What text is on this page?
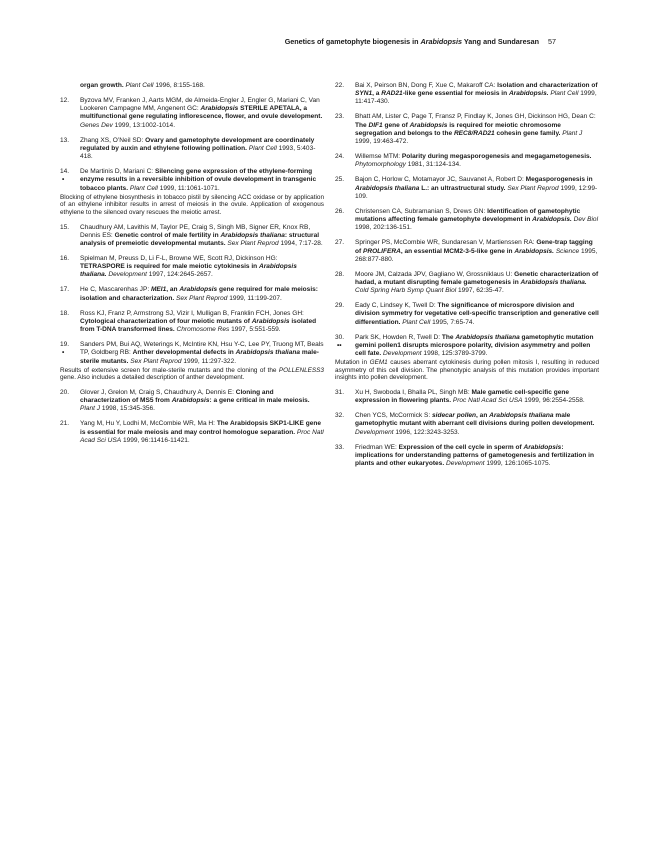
Genetics of gametophyte biogenesis in Arabidopsis Yang and Sundaresan 57
organ growth. Plant Cell 1996, 8:155-168.
12.	Byzova MV, Franken J, Aarts MGM, de Almeida-Engler J, Engler G, Mariani C, Van Lookeren Campagne MM, Angenent GC: Arabidopsis STERILE APETALA, a multifunctional gene regulating inflorescence, flower, and ovule development. Genes Dev 1999, 13:1002-1014.
13.	Zhang XS, O’Neil SD: Ovary and gametophyte development are coordinately regulated by auxin and ethylene following pollination. Plant Cell 1993, 5:403-418.
14.
•
De Martinis D, Mariani C: Silencing gene expression of the ethylene-forming enzyme results in a reversible inhibition of ovule development in transgenic tobacco plants. Plant Cell 1999, 11:1061-1071.
Blocking of ethylene biosynthesis in tobacco pistil by silencing ACC oxidase or by application of an ethylene inhibitor results in arrest of meiosis in the ovule. Application of exogenous ethylene to the silenced ovary rescues the meiotic arrest.
15.	Chaudhury AM, Lavithis M, Taylor PE, Craig S, Singh MB, Signer ER, Knox RB, Dennis ES: Genetic control of male fertility in Arabidopsis thaliana: structural analysis of premeiotic developmental mutants. Sex Plant Reprod 1994, 7:17-28.
16.	Spielman M, Preuss D, Li F-L, Browne WE, Scott RJ, Dickinson HG: TETRASPORE is required for male meiotic cytokinesis in Arabidopsis thaliana. Development 1997, 124:2645-2657.
17.	He C, Mascarenhas JP: MEI1, an Arabidopsis gene required for male meiosis: isolation and characterization. Sex Plant Reprod 1999, 11:199-207.
18.	Ross KJ, Franz P, Armstrong SJ, Vizir I, Mulligan B, Franklin FCH, Jones GH: Cytological characterization of four meiotic mutants of Arabidopsis isolated from T-DNA transformed lines. Chromosome Res 1997, 5:551-559.
19.
•
Sanders PM, Bui AQ, Weterings K, McIntire KN, Hsu Y-C, Lee PY, Truong MT, Beals TP, Goldberg RB: Anther developmental defects in Arabidopsis thaliana male-sterile mutants. Sex Plant Reprod 1999, 11:297-322.
Results of extensive screen for male-sterile mutants and the cloning of the POLLENLESS3 gene. Also includes a detailed description of anther development.
20.	Glover J, Grelon M, Craig S, Chaudhury A, Dennis E: Cloning and characterization of MS5 from Arabidopsis: a gene critical in male meiosis. Plant J 1998, 15:345-356.
21.	Yang M, Hu Y, Lodhi M, McCombie WR, Ma H: The Arabidopsis SKP1-LIKE gene is essential for male meiosis and may control homologue separation. Proc Natl Acad Sci USA 1999, 96:11416-11421.
22.	Bai X, Peirson BN, Dong F, Xue C, Makaroff CA: Isolation and characterization of SYN1, a RAD21-like gene essential for meiosis in Arabidopsis. Plant Cell 1999, 11:417-430.
23.	Bhatt AM, Lister C, Page T, Fransz P, Findlay K, Jones GH, Dickinson HG, Dean C: The DIF1 gene of Arabidopsis is required for meiotic chromosome segregation and belongs to the REC8/RAD21 cohesin gene family. Plant J 1999, 19:463-472.
24.	Willemse MTM: Polarity during megasporogenesis and megagametogenesis. Phytomorphology 1981, 31:124-134.
25.	Bajon C, Horlow C, Motamayor JC, Sauvanet A, Robert D: Megasporogenesis in Arabidopsis thaliana L.: an ultrastructural study. Sex Plant Reprod 1999, 12:99-109.
26.	Christensen CA, Subramanian S, Drews GN: Identification of gametophytic mutations affecting female gametophyte development in Arabidopsis. Dev Biol 1998, 202:136-151.
27.	Springer PS, McCombie WR, Sundaresan V, Martienssen RA: Gene-trap tagging of PROLIFERA, an essential MCM2-3-5-like gene in Arabidopsis. Science 1995, 268:877-880.
28.	Moore JM, Calzada JPV, Gagliano W, Grossniklaus U: Genetic characterization of hadad, a mutant disrupting female gametogenesis in Arabidopsis thaliana. Cold Spring Harb Symp Quant Biol 1997, 62:35-47.
29.	Eady C, Lindsey K, Twell D: The significance of microspore division and division symmetry for vegetative cell-specific transcription and generative cell differentiation. Plant Cell 1995, 7:65-74.
30.
••
Park SK, Howden R, Twell D: The Arabidopsis thaliana gametophytic mutation gemini pollen1 disrupts microspore polarity, division asymmetry and pollen cell fate. Development 1998, 125:3789-3799.
Mutation in GEM1 causes aberrant cytokinesis during pollen mitosis I, resulting in reduced asymmetry of this cell division. The phenotypic analysis of this mutation provides important insights into pollen development.
31.	Xu H, Swoboda I, Bhalla PL, Singh MB: Male gametic cell-specific gene expression in flowering plants. Proc Natl Acad Sci USA 1999, 96:2554-2558.
32.	Chen YCS, McCormick S: sidecar pollen, an Arabidopsis thaliana male gametophytic mutant with aberrant cell divisions during pollen development. Development 1996, 122:3243-3253.
33.	Friedman WE: Expression of the cell cycle in sperm of Arabidopsis: implications for understanding patterns of gametogenesis and fertilization in plants and other eukaryotes. Development 1999, 126:1065-1075.
